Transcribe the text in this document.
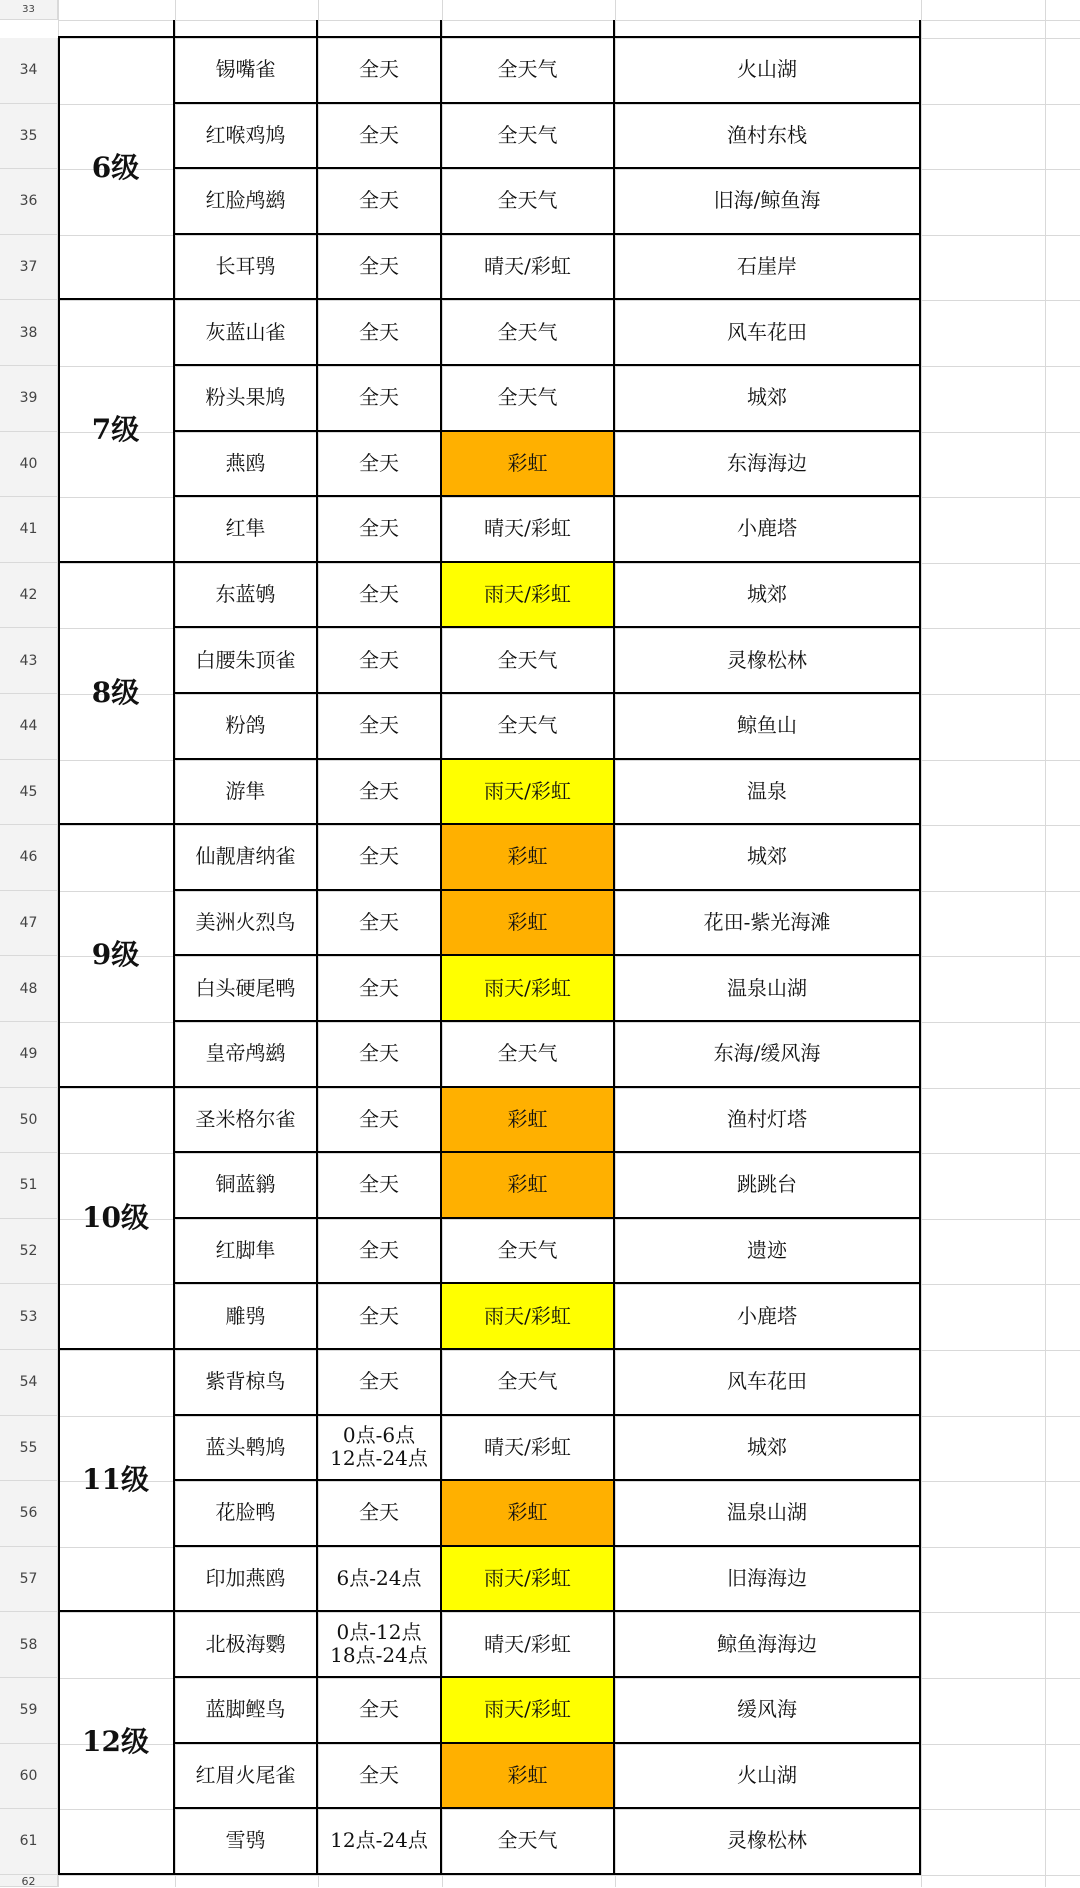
33
6级
34	锡嘴雀	全天	全天气	火山湖
35	红喉鸡鸠	全天	全天气	渔村东栈
36	红脸鸬鹚	全天	全天气	旧海/鲸鱼海
37	长耳鸮	全天	晴天/彩虹	石崖岸
7级
38	灰蓝山雀	全天	全天气	风车花田
39	粉头果鸠	全天	全天气	城郊
40	燕鸥	全天	彩虹	东海海边
41	红隼	全天	晴天/彩虹	小鹿塔
8级
42	东蓝鸲	全天	雨天/彩虹	城郊
43	白腰朱顶雀	全天	全天气	灵橡松林
44	粉鸽	全天	全天气	鲸鱼山
45	游隼	全天	雨天/彩虹	温泉
9级
46	仙靓唐纳雀	全天	彩虹	城郊
47	美洲火烈鸟	全天	彩虹	花田-紫光海滩
48	白头硬尾鸭	全天	雨天/彩虹	温泉山湖
49	皇帝鸬鹚	全天	全天气	东海/缓风海
10级
50	圣米格尔雀	全天	彩虹	渔村灯塔
51	铜蓝鹟	全天	彩虹	跳跳台
52	红脚隼	全天	全天气	遗迹
53	雕鸮	全天	雨天/彩虹	小鹿塔
11级
54	紫背椋鸟	全天	全天气	风车花田
55	蓝头鹎鸠	0点-6点
12点-24点	晴天/彩虹	城郊
56	花脸鸭	全天	彩虹	温泉山湖
57	印加燕鸥	6点-24点	雨天/彩虹	旧海海边
12级
58	北极海鹦	0点-12点
18点-24点	晴天/彩虹	鲸鱼海海边
59	蓝脚鲣鸟	全天	雨天/彩虹	缓风海
60	红眉火尾雀	全天	彩虹	火山湖
61	雪鸮	12点-24点	全天气	灵橡松林
62
